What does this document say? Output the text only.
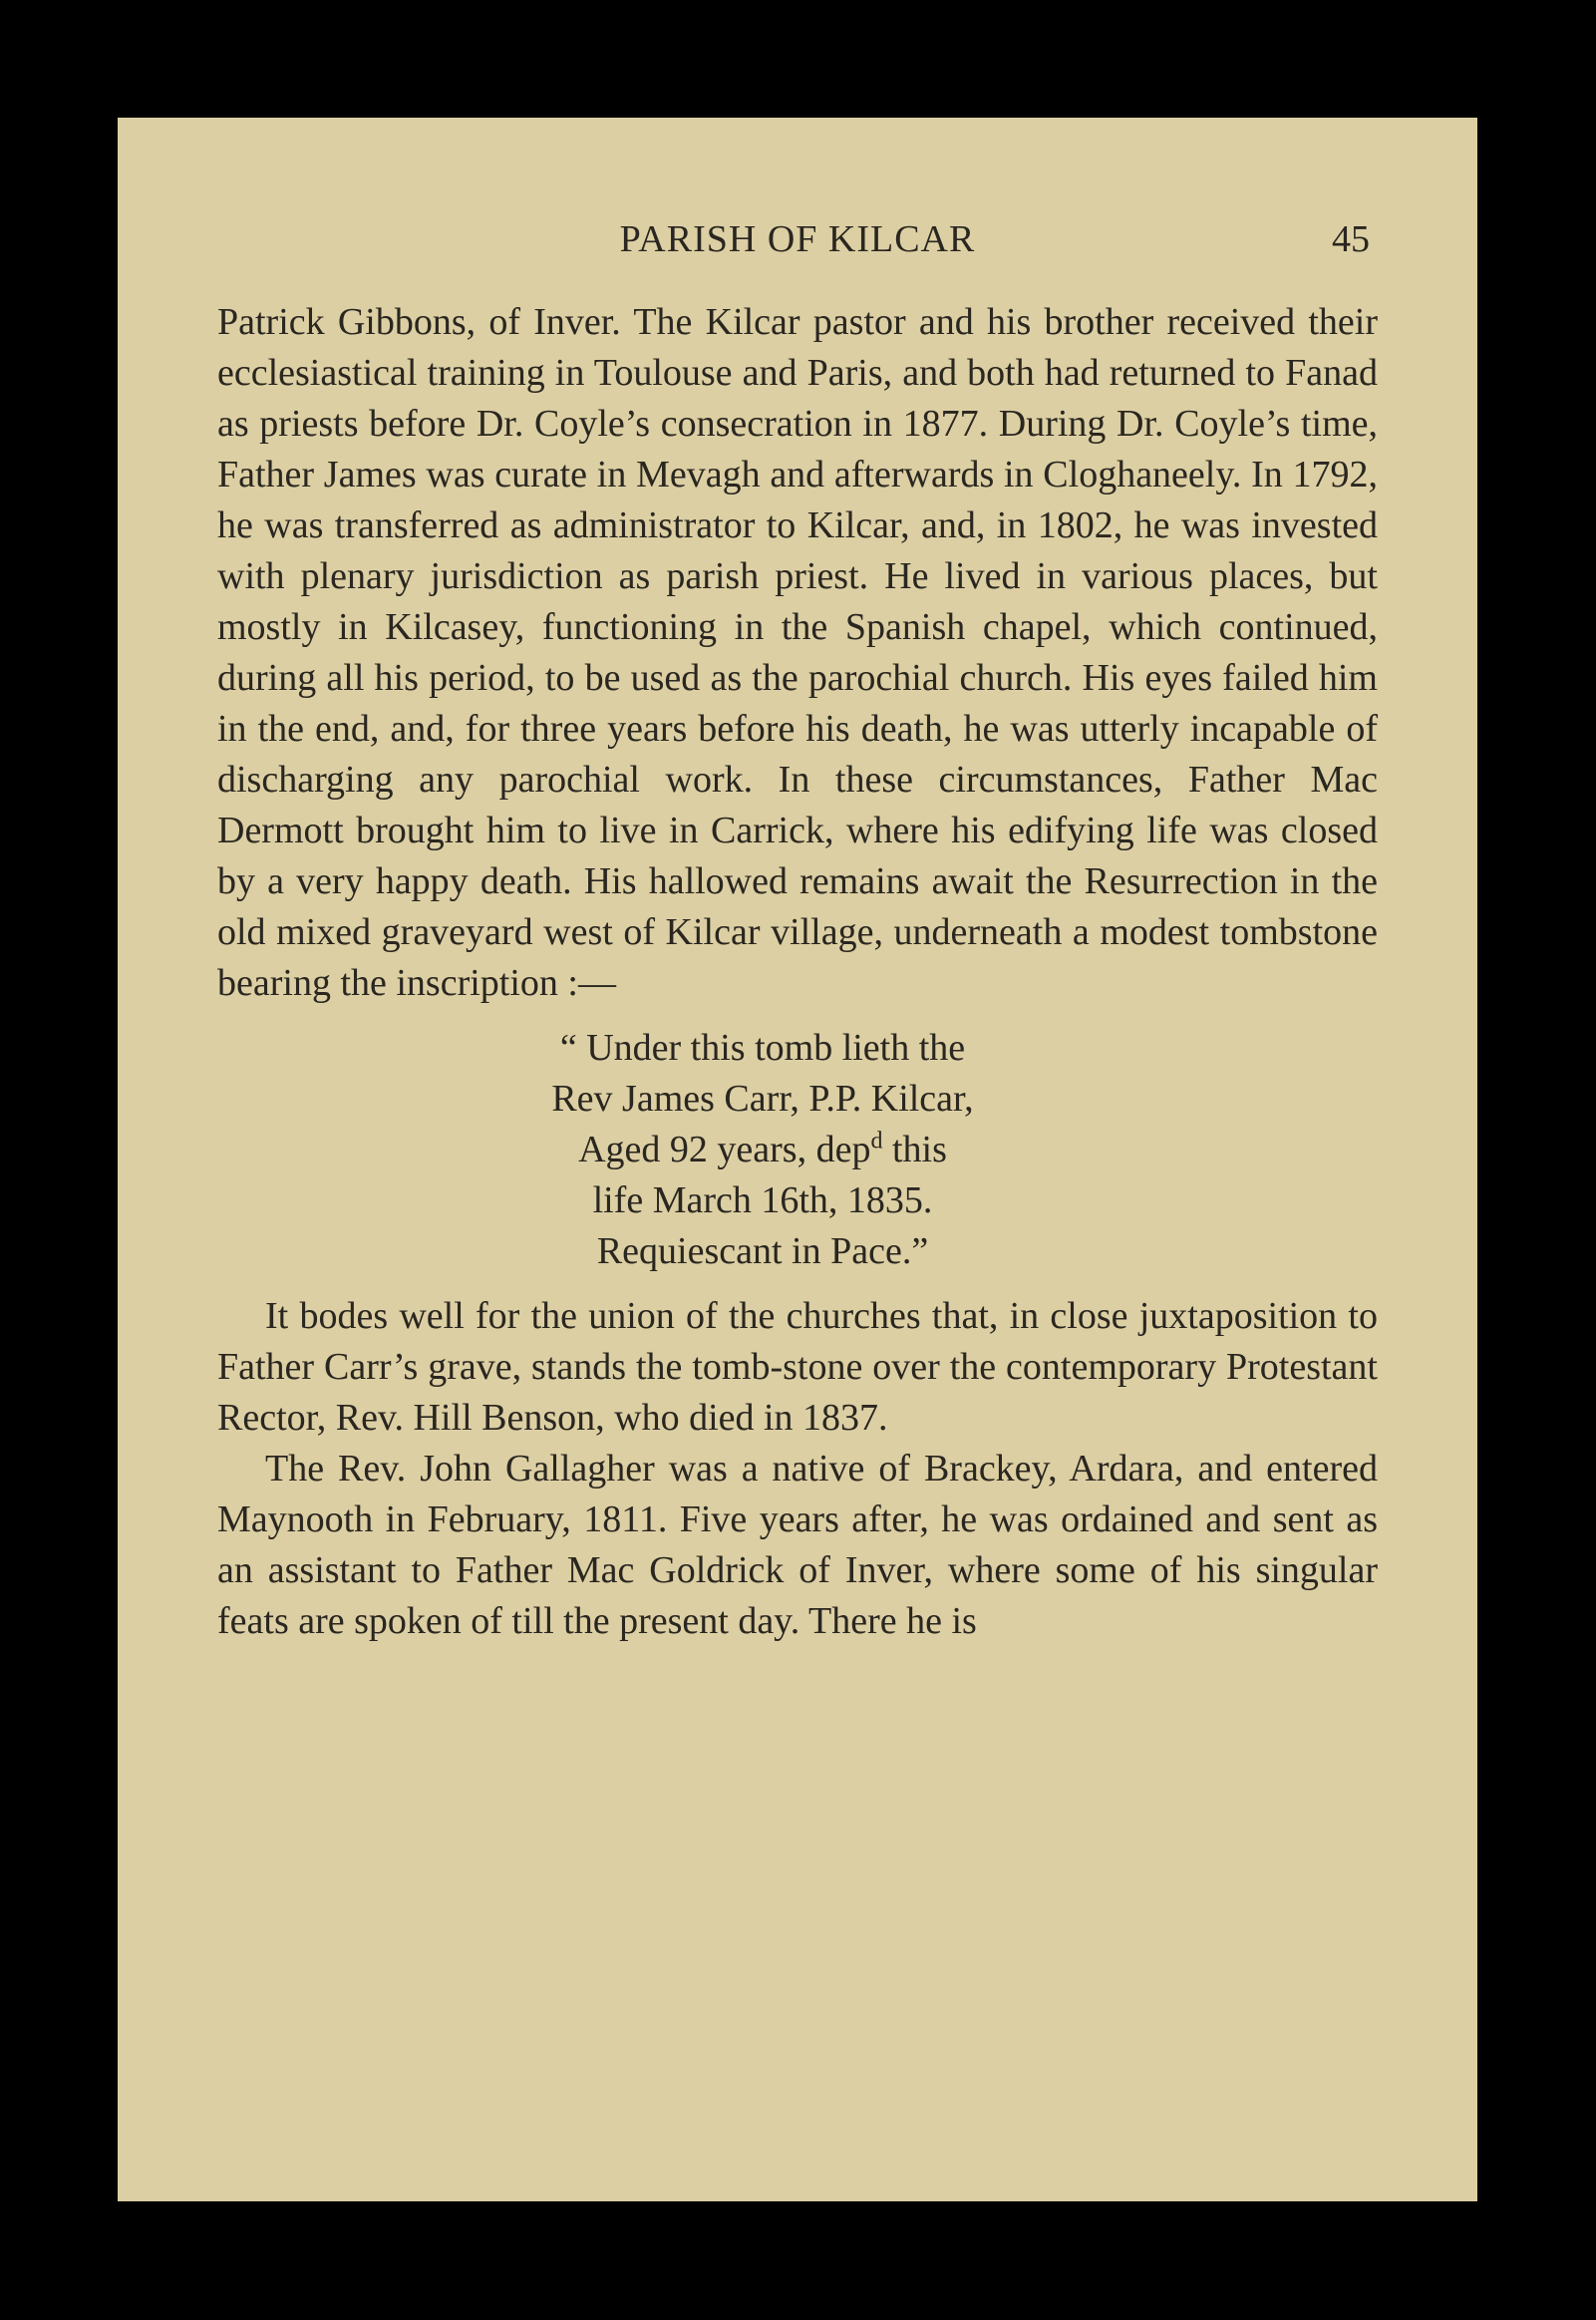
PARISH OF KILCAR	45

Patrick Gibbons, of Inver. The Kilcar pastor and his brother received their ecclesiastical training in Toulouse and Paris, and both had returned to Fanad as priests before Dr. Coyle’s consecration in 1877. During Dr. Coyle’s time, Father James was curate in Mevagh and afterwards in Cloghaneely. In 1792, he was transferred as administrator to Kilcar, and, in 1802, he was invested with plenary jurisdiction as parish priest. He lived in various places, but mostly in Kilcasey, functioning in the Spanish chapel, which continued, during all his period, to be used as the parochial church. His eyes failed him in the end, and, for three years before his death, he was utterly incapable of discharging any parochial work. In these circumstances, Father Mac Dermott brought him to live in Carrick, where his edifying life was closed by a very happy death. His hallowed remains await the Resurrection in the old mixed graveyard west of Kilcar village, underneath a modest tombstone bearing the inscription :—

“ Under this tomb lieth the
Rev James Carr, P.P. Kilcar,
Aged 92 years, dep$^d$ this
life March 16th, 1835.
Requiescant in Pace.”

It bodes well for the union of the churches that, in close juxtaposition to Father Carr’s grave, stands the tomb-stone over the contemporary Protestant Rector, Rev. Hill Benson, who died in 1837.

The Rev. John Gallagher was a native of Brackey, Ardara, and entered Maynooth in February, 1811. Five years after, he was ordained and sent as an assistant to Father Mac Goldrick of Inver, where some of his singular feats are spoken of till the present day. There he is
